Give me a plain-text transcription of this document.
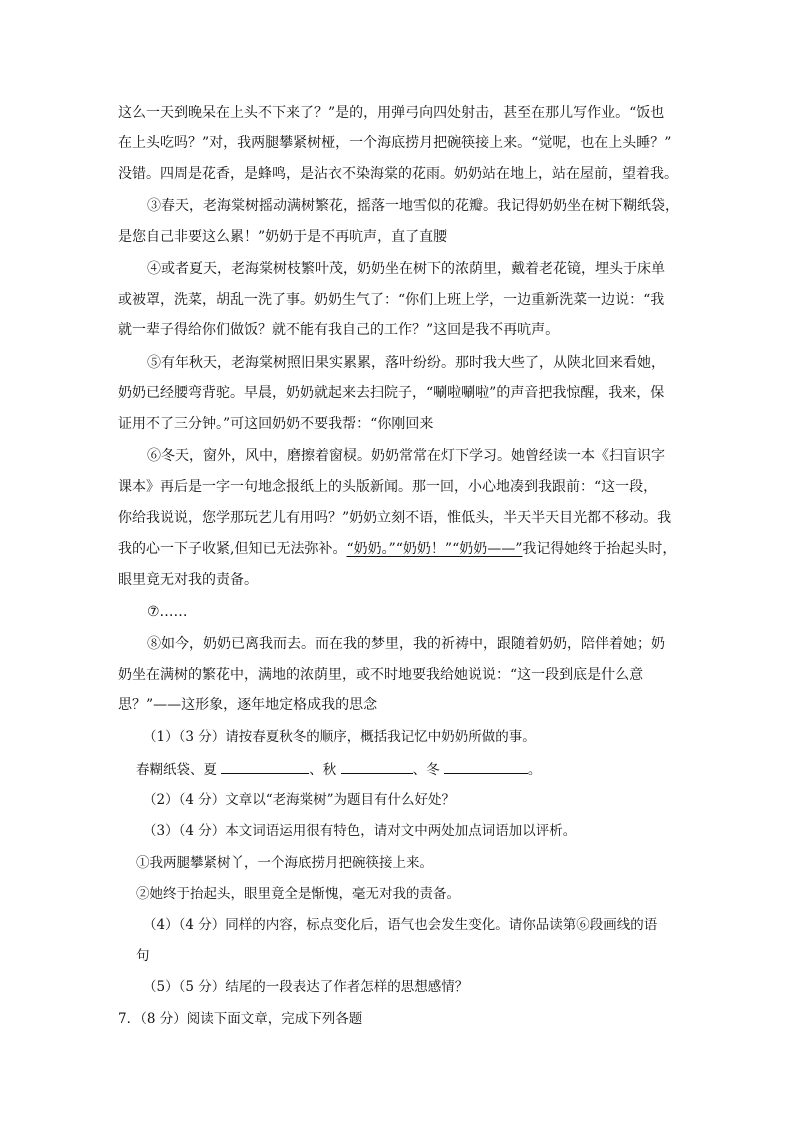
这么一天到晚呆在上头不下来了？”是的，用弹弓向四处射击，甚至在那儿写作业。“饭也
在上头吃吗？”对，我两腿攀紧树桠，一个海底捞月把碗筷接上来。“觉呢，也在上头睡？”
没错。四周是花香，是蜂鸣，是沾衣不染海棠的花雨。奶奶站在地上，站在屋前，望着我。
③春天，老海棠树摇动满树繁花，摇落一地雪似的花瓣。我记得奶奶坐在树下糊纸袋，
是您自己非要这么累！”奶奶于是不再吭声，直了直腰
④或者夏天，老海棠树枝繁叶茂，奶奶坐在树下的浓荫里，戴着老花镜，埋头于床单
或被罩，洗菜，胡乱一洗了事。奶奶生气了：“你们上班上学，一边重新洗菜一边说：“我
就一辈子得给你们做饭？就不能有我自己的工作？”这回是我不再吭声。
⑤有年秋天，老海棠树照旧果实累累，落叶纷纷。那时我大些了，从陕北回来看她，
奶奶已经腰弯背驼。早晨，奶奶就起来去扫院子，“唰啦唰啦”的声音把我惊醒，我来，保
证用不了三分钟。”可这回奶奶不要我帮：“你刚回来
⑥冬天，窗外，风中，磨擦着窗棂。奶奶常常在灯下学习。她曾经读一本《扫盲识字
课本》再后是一字一句地念报纸上的头版新闻。那一回，小心地凑到我跟前：“这一段，
你给我说说，您学那玩艺儿有用吗？”奶奶立刻不语，惟低头，半天半天目光都不移动。我
我的心一下子收紧,但知已无法弥补。“奶奶。”“奶奶！”“奶奶——”我记得她终于抬起头时，
眼里竟无对我的责备。
⑦……
⑧如今，奶奶已离我而去。而在我的梦里，我的祈祷中，跟随着奶奶，陪伴着她；奶
奶坐在满树的繁花中，满地的浓荫里，或不时地要我给她说说：“这一段到底是什么意
思？”——这形象，逐年地定格成我的思念
（1）（3 分）请按春夏秋冬的顺序，概括我记忆中奶奶所做的事。
春糊纸袋、夏	、秋	、冬	。
（2）（4 分）文章以“老海棠树”为题目有什么好处？
（3）（4 分）本文词语运用很有特色，请对文中两处加点词语加以评析。
①我两腿攀紧树丫，一个海底捞月把碗筷接上来。
②她终于抬起头，眼里竟全是惭愧，毫无对我的责备。
（4）（4 分）同样的内容，标点变化后，语气也会发生变化。请你品读第⑥段画线的语
句
（5）（5 分）结尾的一段表达了作者怎样的思想感情？
7．（8 分）阅读下面文章，完成下列各题
